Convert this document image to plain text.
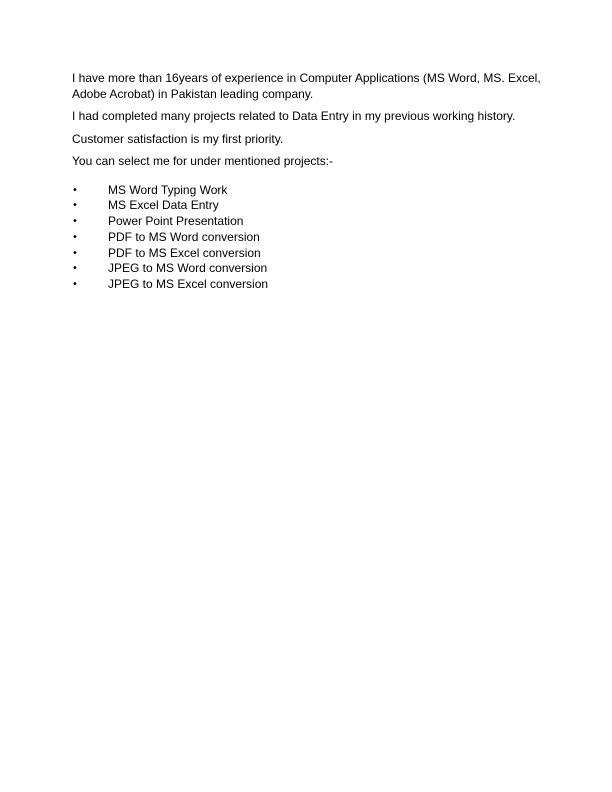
I have more than 16years of experience in Computer Applications (MS Word, MS. Excel, Adobe Acrobat) in Pakistan leading company.

I had completed many projects related to Data Entry in my previous working history.

Customer satisfaction is my first priority.

You can select me for under mentioned projects:-

•	MS Word Typing Work
•	MS Excel Data Entry
•	Power Point Presentation
•	PDF to MS Word conversion
•	PDF to MS Excel conversion
•	JPEG to MS Word conversion
•	JPEG to MS Excel conversion
